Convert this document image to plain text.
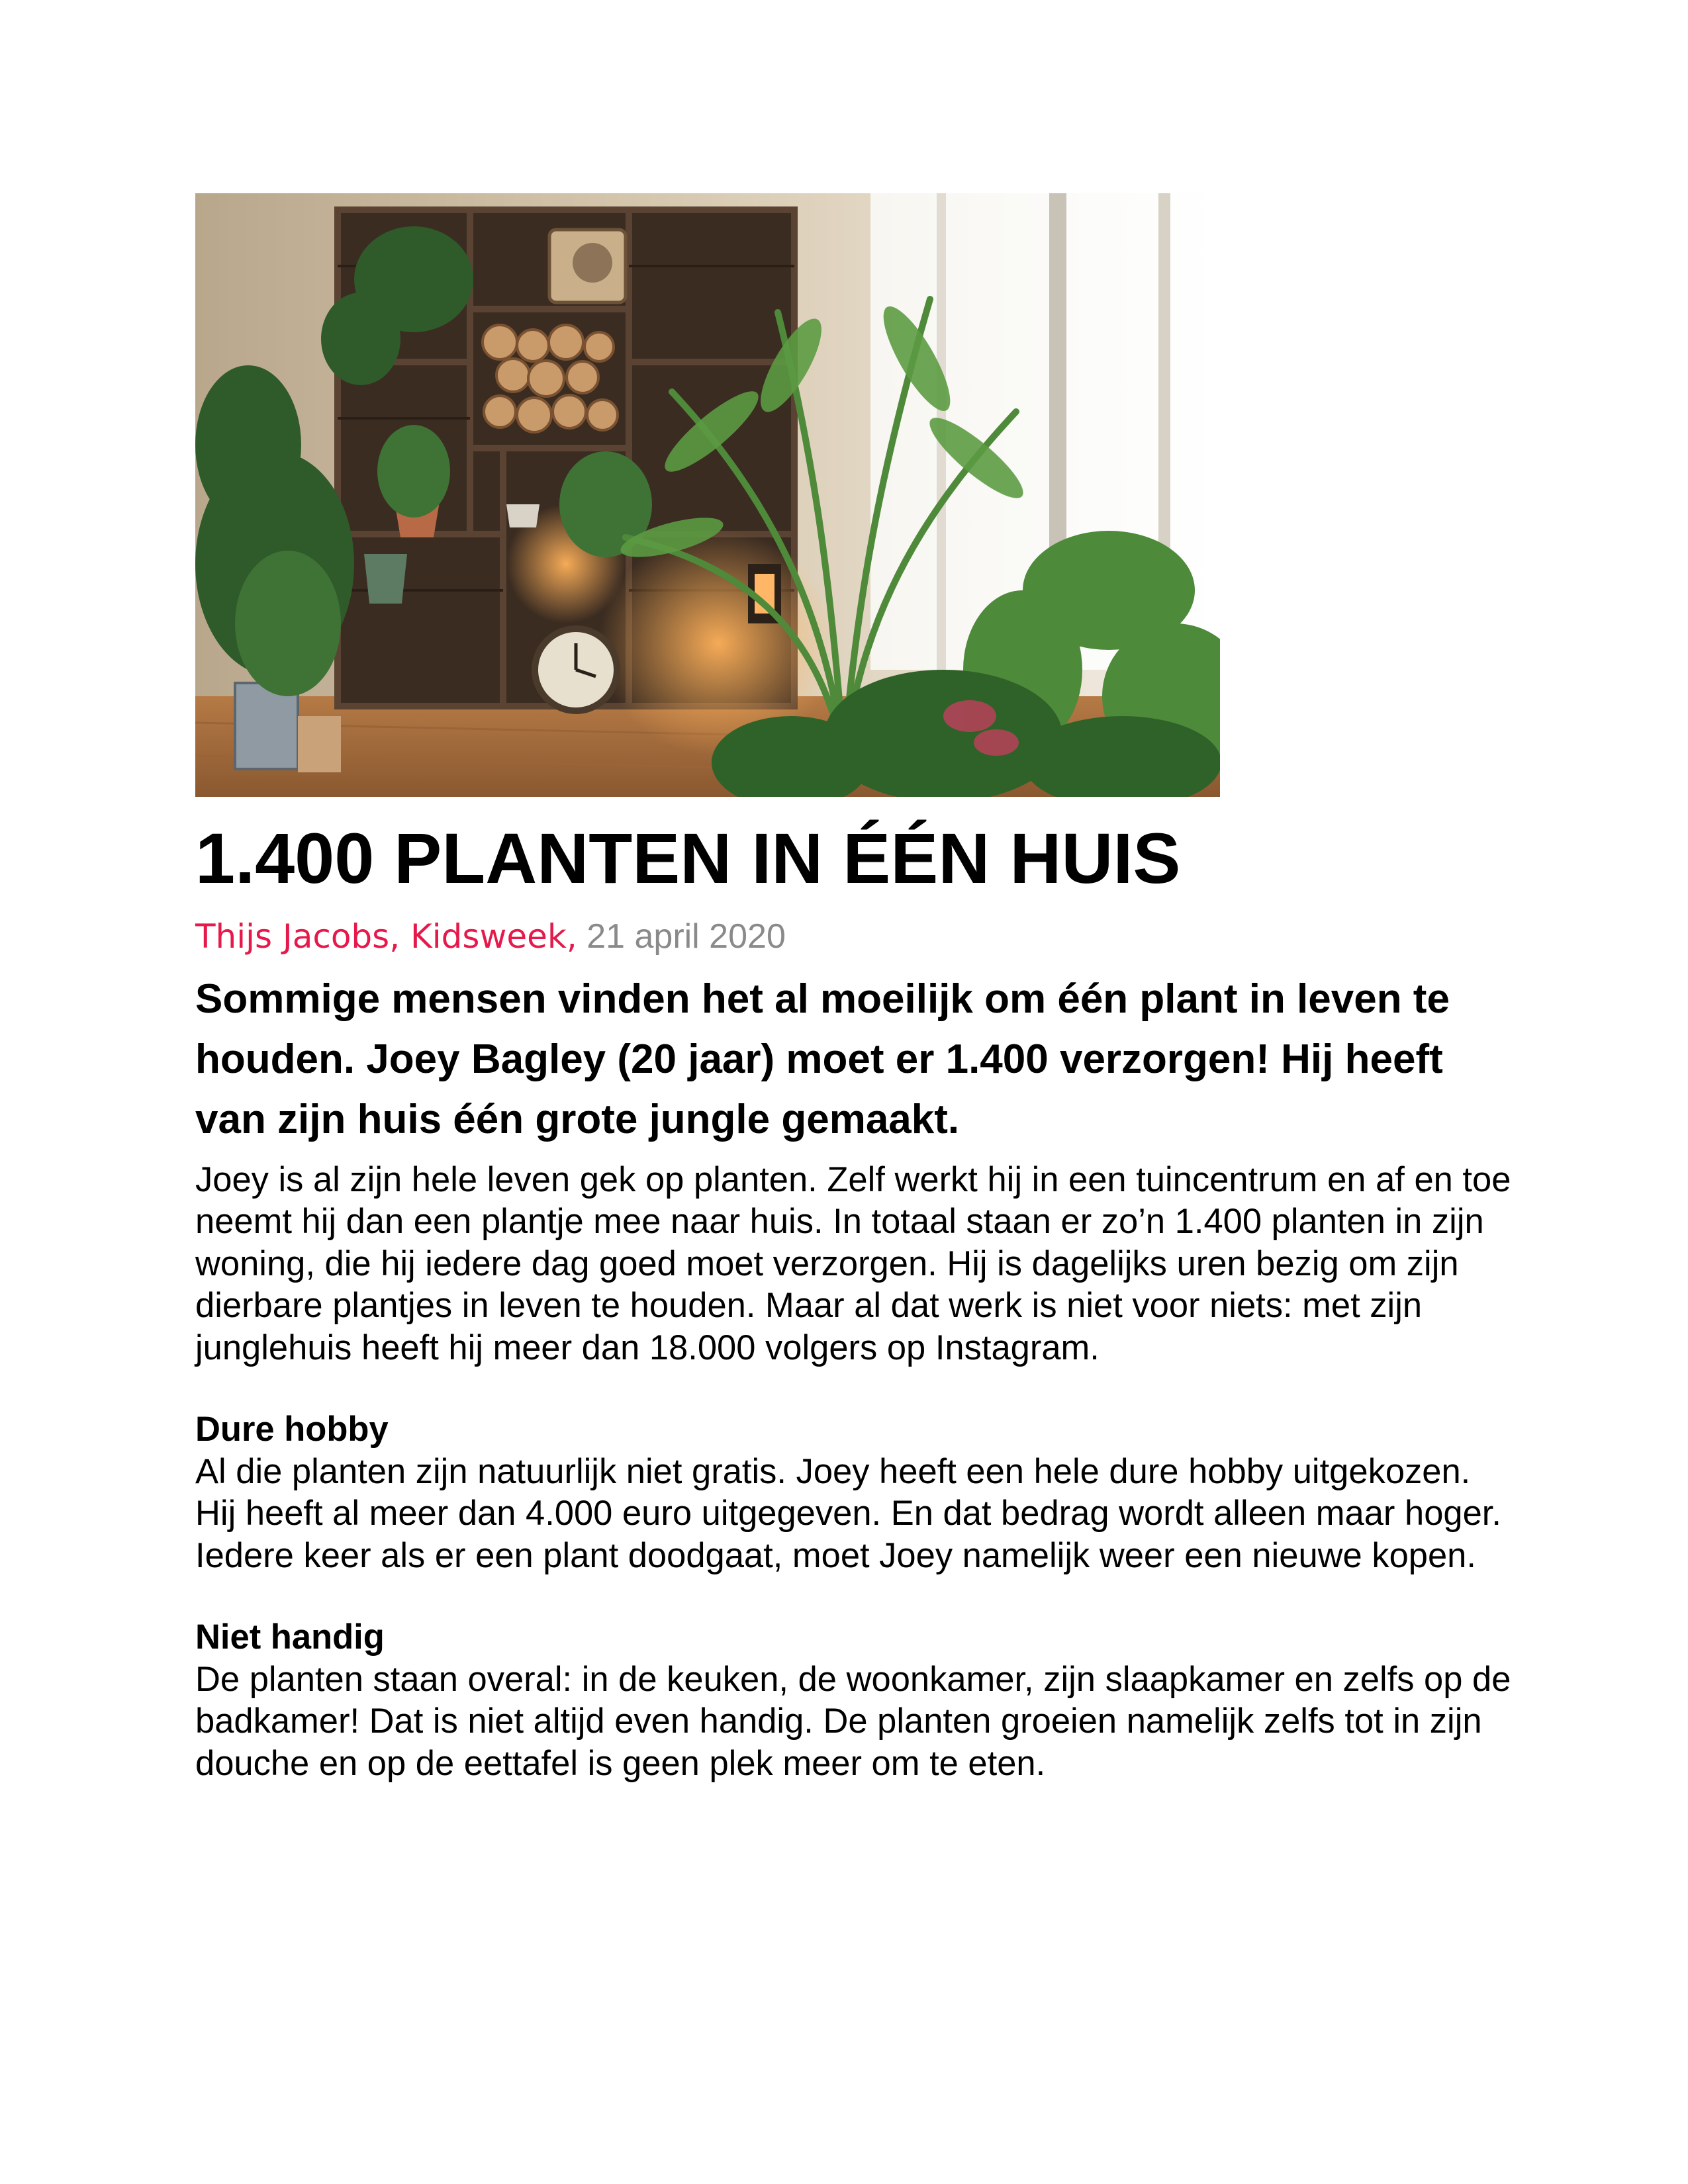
1.400 PLANTEN IN ÉÉN HUIS
Thijs Jacobs, Kidsweek, 21 april 2020
Sommige mensen vinden het al moeilijk om één plant in leven te houden. Joey Bagley (20 jaar) moet er 1.400 verzorgen! Hij heeft van zijn huis één grote jungle gemaakt.
Joey is al zijn hele leven gek op planten. Zelf werkt hij in een tuincentrum en af en toe neemt hij dan een plantje mee naar huis. In totaal staan er zo’n 1.400 planten in zijn woning, die hij iedere dag goed moet verzorgen. Hij is dagelijks uren bezig om zijn dierbare plantjes in leven te houden. Maar al dat werk is niet voor niets: met zijn junglehuis heeft hij meer dan 18.000 volgers op Instagram.
Dure hobby
Al die planten zijn natuurlijk niet gratis. Joey heeft een hele dure hobby uitgekozen. Hij heeft al meer dan 4.000 euro uitgegeven. En dat bedrag wordt alleen maar hoger. Iedere keer als er een plant doodgaat, moet Joey namelijk weer een nieuwe kopen.
Niet handig
De planten staan overal: in de keuken, de woonkamer, zijn slaapkamer en zelfs op de badkamer! Dat is niet altijd even handig. De planten groeien namelijk zelfs tot in zijn douche en op de eettafel is geen plek meer om te eten.
